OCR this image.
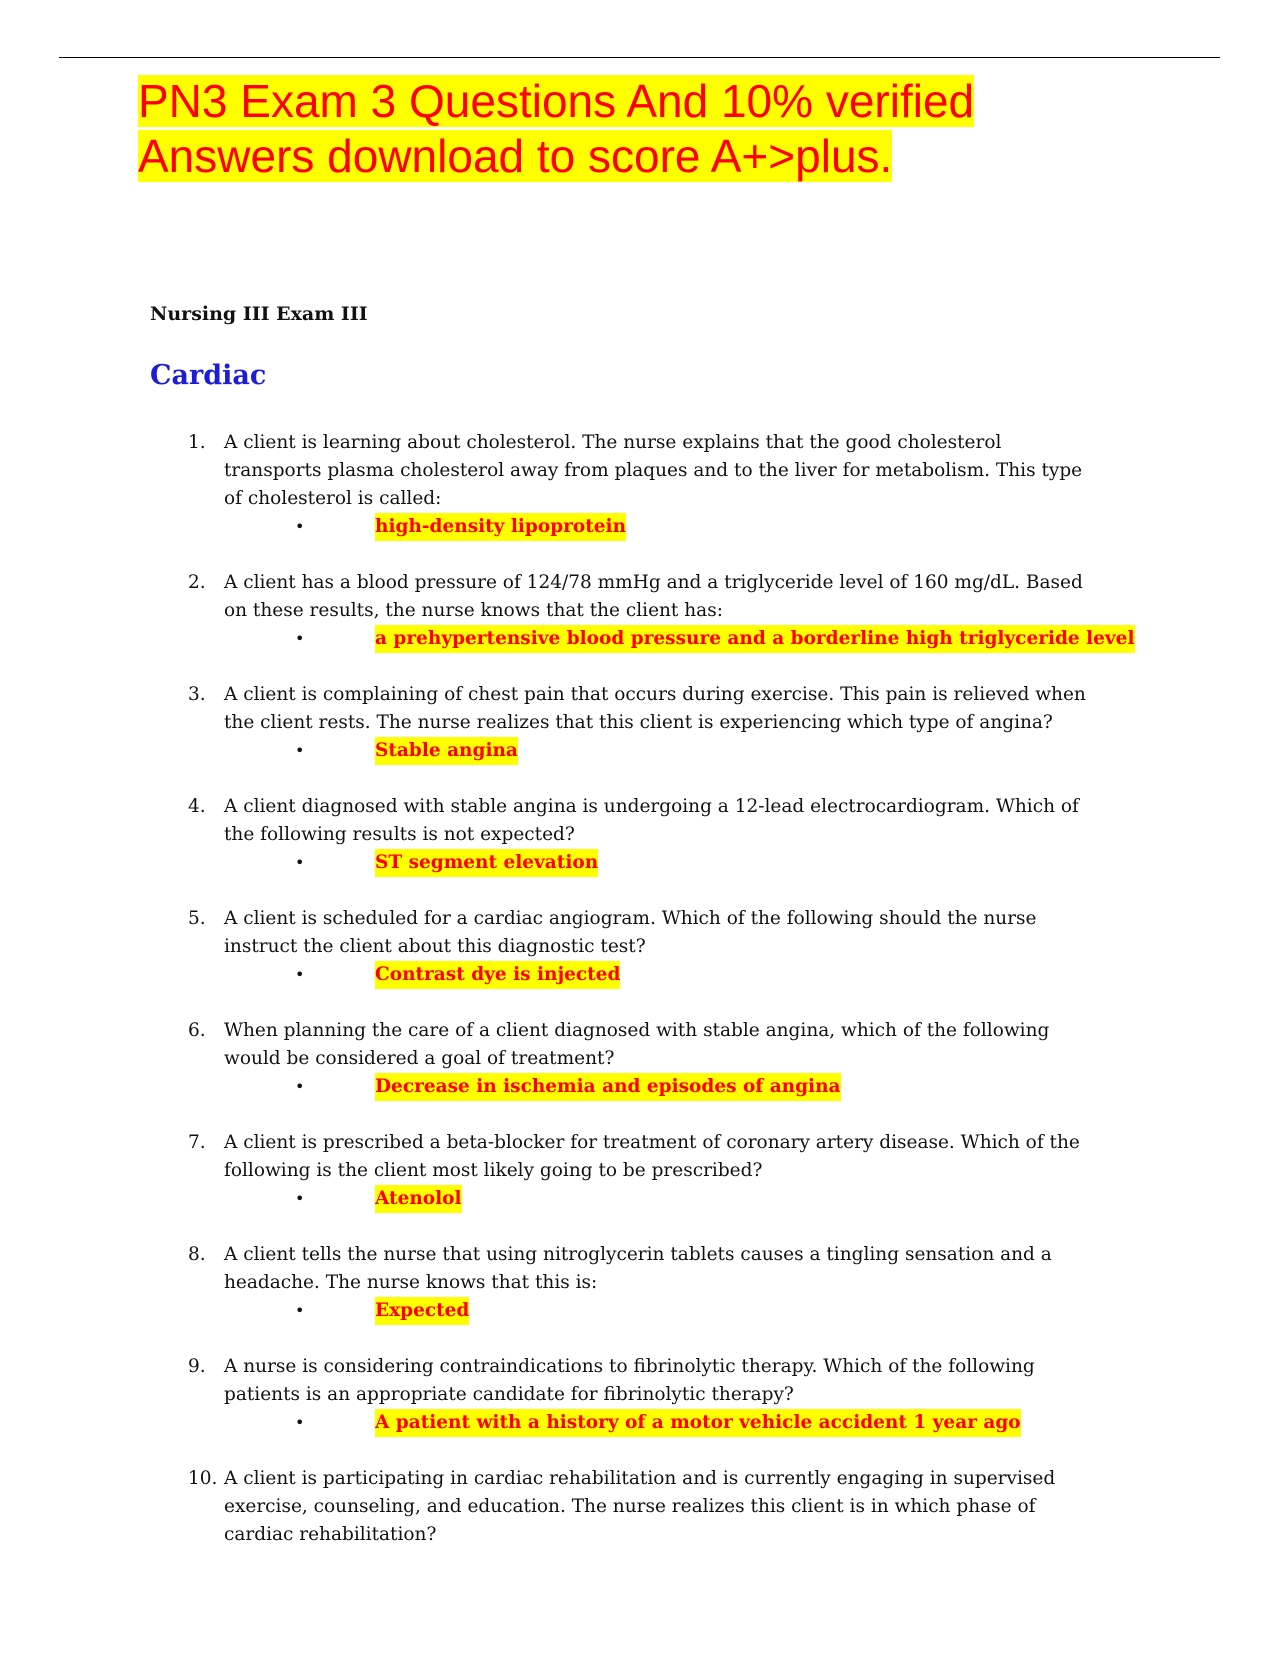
PN3 Exam 3 Questions And 10% verified
Answers download to score A+>plus.
Nursing III Exam III
Cardiac
1. A client is learning about cholesterol. The nurse explains that the good cholesterol transports plasma cholesterol away from plaques and to the liver for metabolism. This type of cholesterol is called:
•	high-density lipoprotein
2. A client has a blood pressure of 124/78 mmHg and a triglyceride level of 160 mg/dL. Based on these results, the nurse knows that the client has:
•	a prehypertensive blood pressure and a borderline high triglyceride level
3. A client is complaining of chest pain that occurs during exercise. This pain is relieved when the client rests. The nurse realizes that this client is experiencing which type of angina?
•	Stable angina
4. A client diagnosed with stable angina is undergoing a 12-lead electrocardiogram. Which of the following results is not expected?
•	ST segment elevation
5. A client is scheduled for a cardiac angiogram. Which of the following should the nurse instruct the client about this diagnostic test?
•	Contrast dye is injected
6. When planning the care of a client diagnosed with stable angina, which of the following would be considered a goal of treatment?
•	Decrease in ischemia and episodes of angina
7. A client is prescribed a beta-blocker for treatment of coronary artery disease. Which of the following is the client most likely going to be prescribed?
•	Atenolol
8. A client tells the nurse that using nitroglycerin tablets causes a tingling sensation and a headache. The nurse knows that this is:
•	Expected
9. A nurse is considering contraindications to fibrinolytic therapy. Which of the following patients is an appropriate candidate for fibrinolytic therapy?
•	A patient with a history of a motor vehicle accident 1 year ago
10. A client is participating in cardiac rehabilitation and is currently engaging in supervised exercise, counseling, and education. The nurse realizes this client is in which phase of cardiac rehabilitation?
